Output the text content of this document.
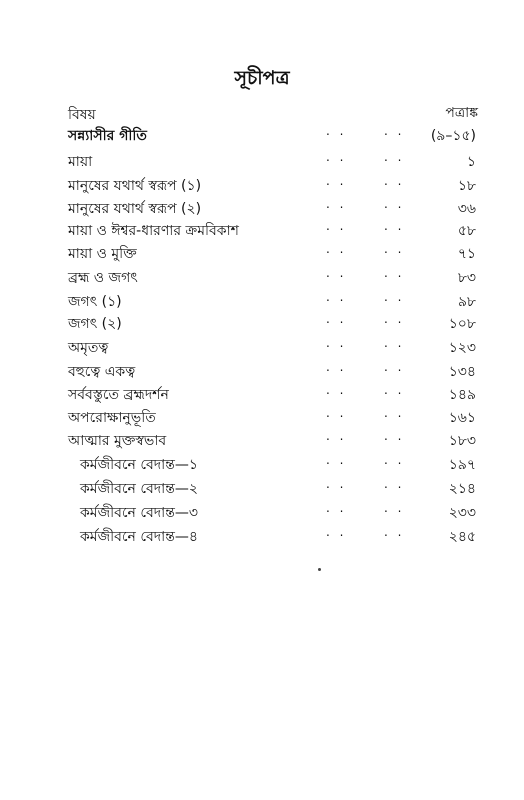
সূচীপত্র
বিষয়	পত্রাঙ্ক
সন্ন্যাসীর গীতি	. .	. . (৯–১৫)
মায়া	. .	. .	১
মানুষের যথার্থ স্বরূপ (১)	. .	. .	১৮
মানুষের যথার্থ স্বরূপ (২)	. .	. .	৩৬
মায়া ও ঈশ্বর-ধারণার ক্রমবিকাশ	. .	. .	৫৮
মায়া ও মুক্তি	. .	. .	৭১
ব্রহ্ম ও জগৎ	. .	. .	৮৩
জগৎ (১)	. .	. .	৯৮
জগৎ (২)	. .	. .	১০৮
অমৃতত্ব	. .	. .	১২৩
বহুত্বে একত্ব	. .	. .	১৩৪
সর্ববস্তুতে ব্রহ্মদর্শন	. .	. .	১৪৯
অপরোক্ষানুভূতি	. .	. .	১৬১
আত্মার মুক্তস্বভাব	. .	. .	১৮৩
কর্মজীবনে বেদান্ত—১	. .	. .	১৯৭
কর্মজীবনে বেদান্ত—২	. .	. .	২১৪
কর্মজীবনে বেদান্ত—৩	. .	. .	২৩৩
কর্মজীবনে বেদান্ত—৪	. .	. .	২৪৫
